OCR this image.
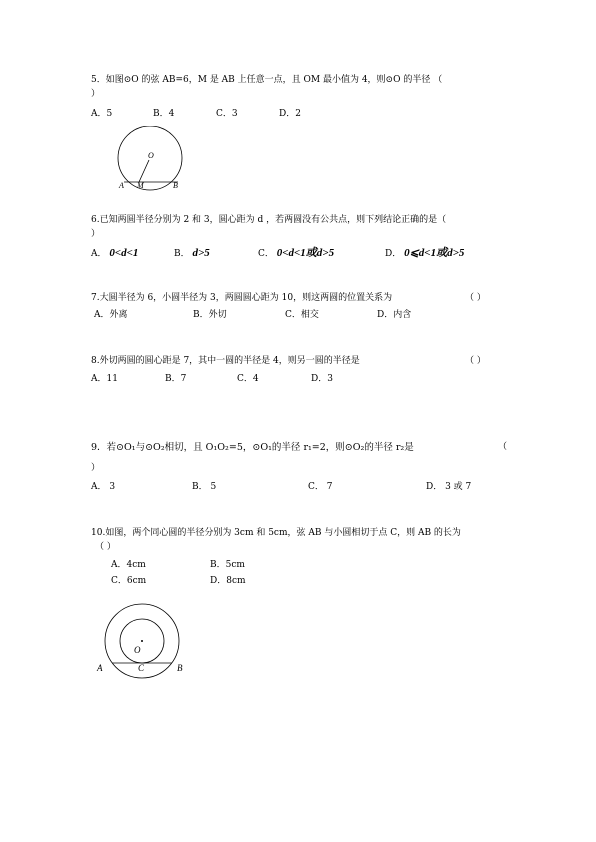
5．如图⊙O 的弦 AB=6，M 是 AB 上任意一点，且 OM 最小值为 4，则⊙O 的半径 （
）
A．5	B．4	C．3	D．2
O
A M	B
6.已知两圆半径分别为 2 和 3，圆心距为 d ，若两圆没有公共点，则下列结论正确的是（
）
A． 0<d<1	B． d>5	C． 0<d<1或d>5	D． 0⩽d<1或d>5
7.大圆半径为 6，小圆半径为 3，两圆圆心距为 10，则这两圆的位置关系为	（ ）
A．外离	B．外切	C．相交	D．内含
8.外切两圆的圆心距是 7，其中一圆的半径是 4，则另一圆的半径是	（ ）
A．11	B．7	C．4	D．3
9．若⊙O₁与⊙O₂相切，且 O₁O₂=5，⊙O₁的半径 r₁=2，则⊙O₂的半径 r₂是	（
）
A． 3	B． 5	C． 7	D． 3 或 7
10.如图，两个同心圆的半径分别为 3cm 和 5cm，弦 AB 与小圆相切于点 C，则 AB 的长为
（ ）
A．4cm	B．5cm
C．6cm	D．8cm
O
A	C	B
